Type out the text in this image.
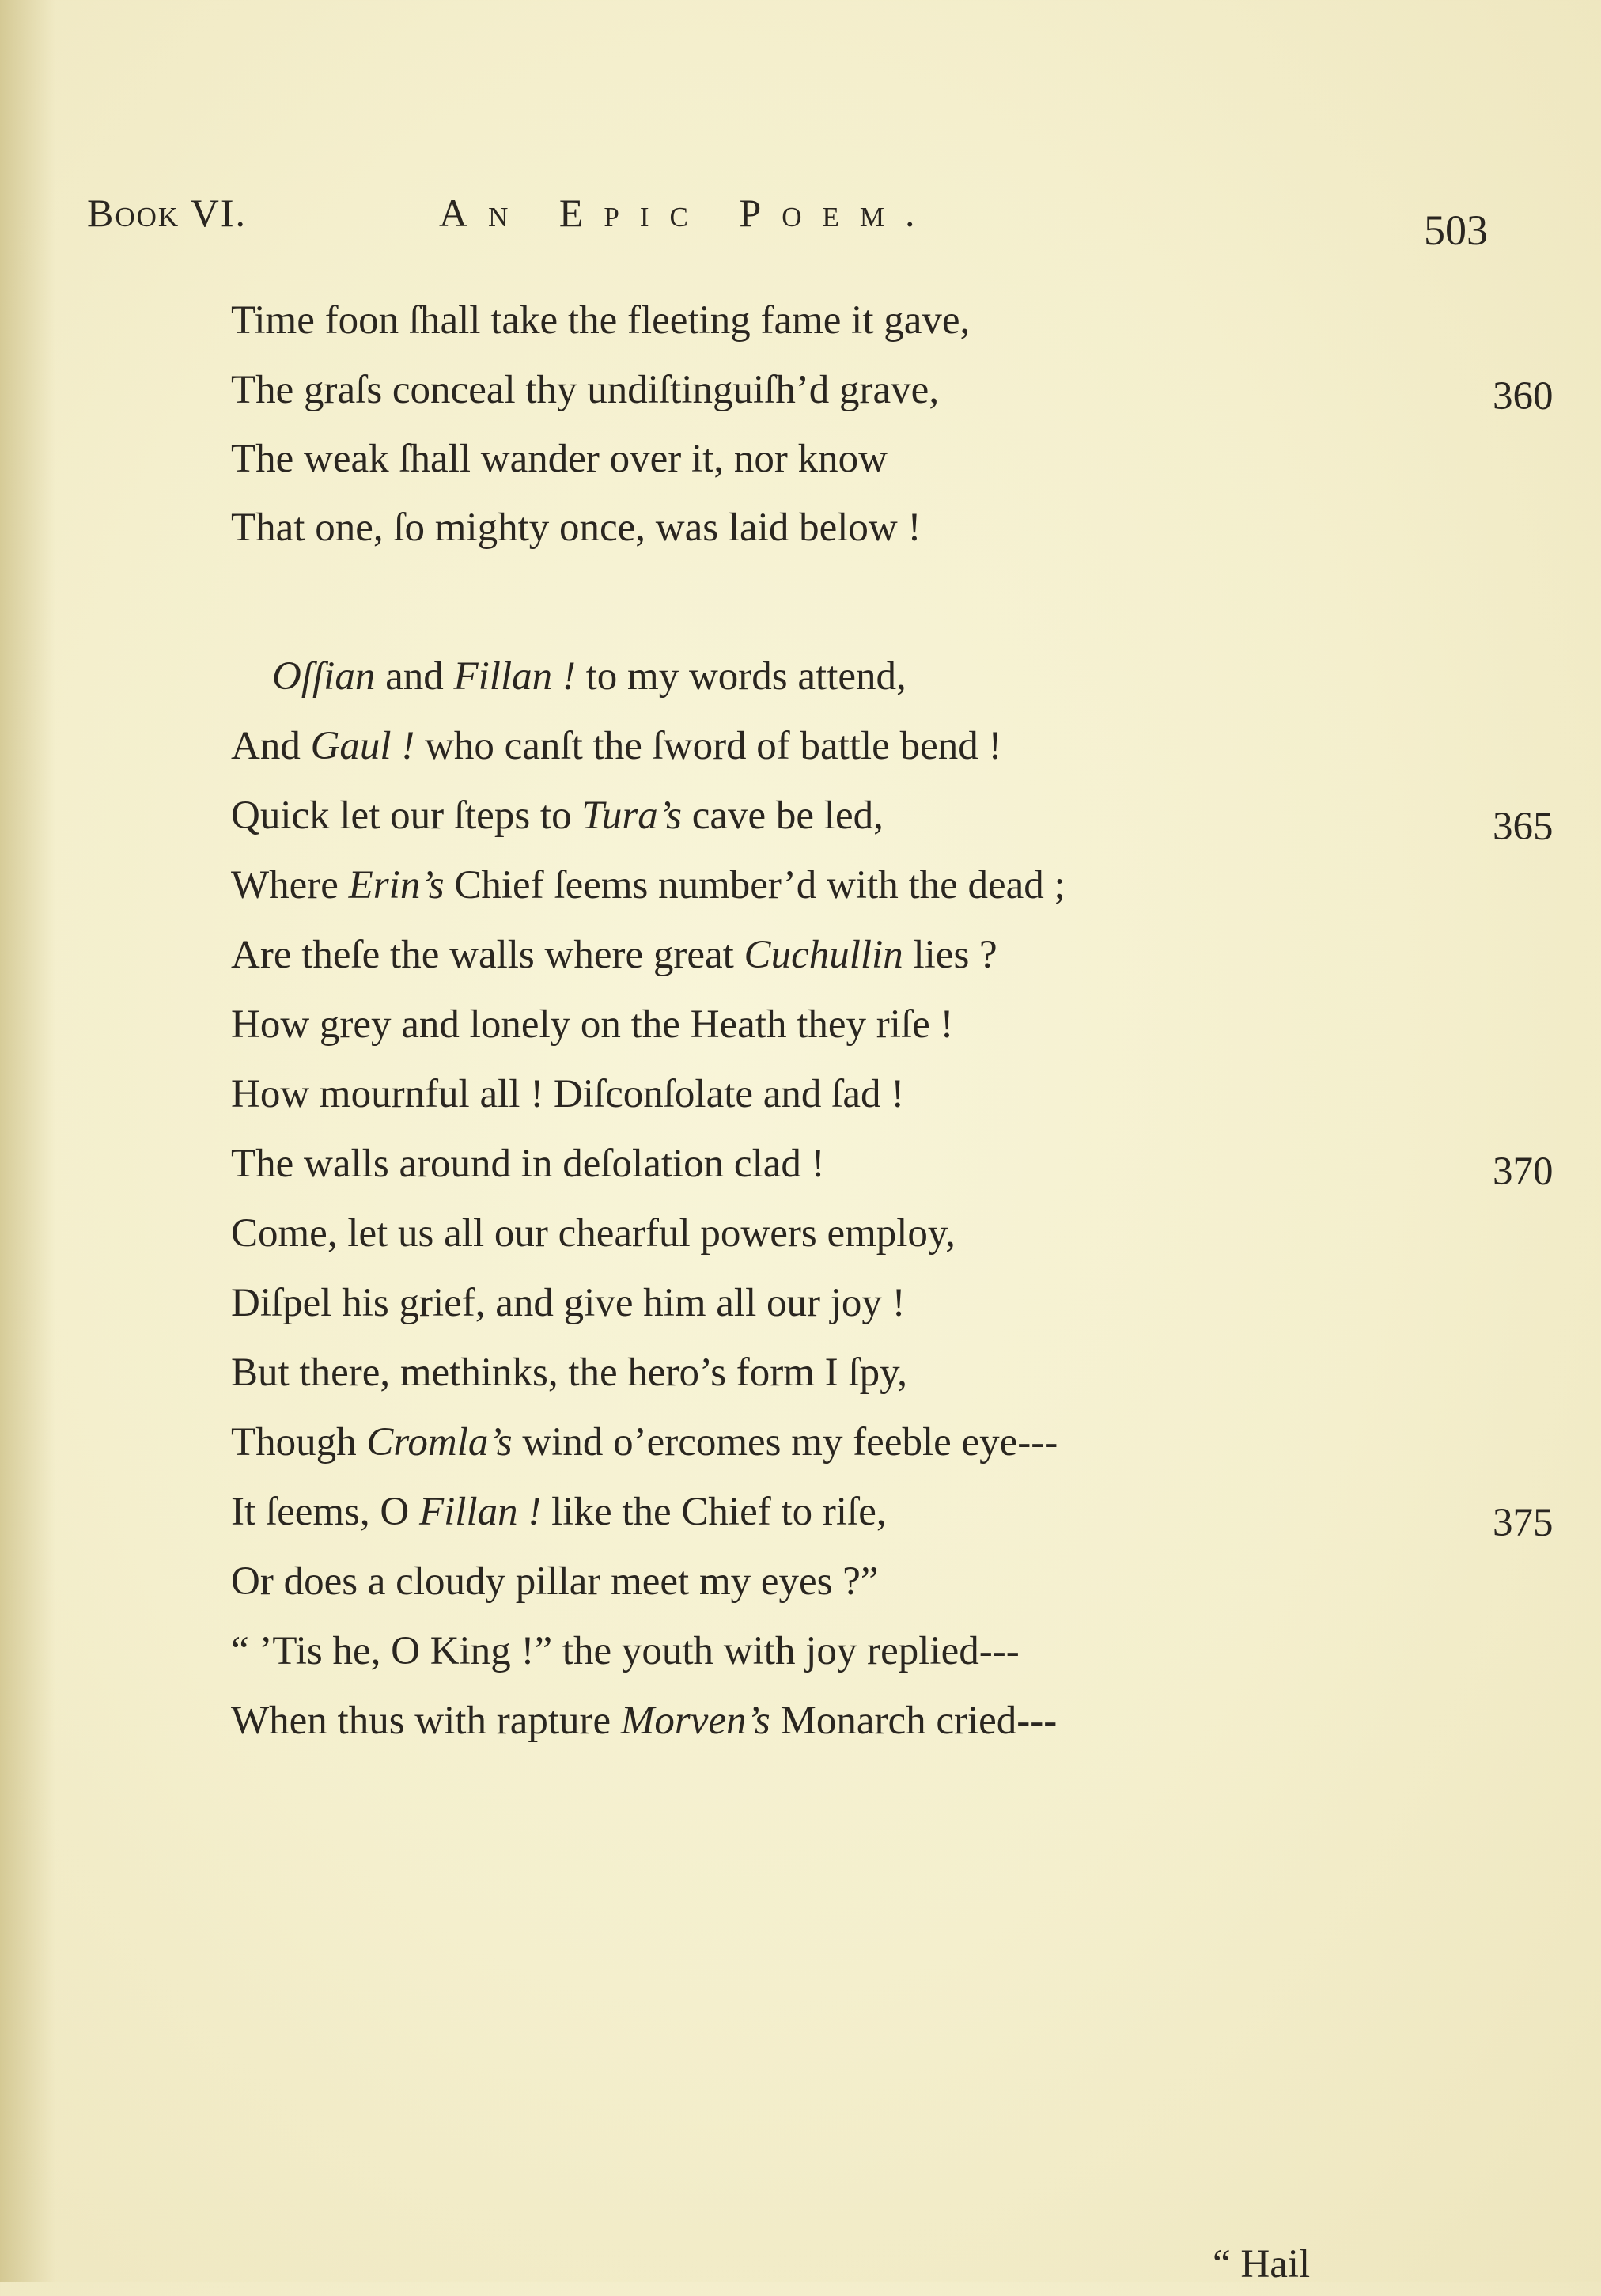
Book VI.	An Epic Poem.	503
Time foon ſhall take the fleeting fame it gave,
The graſs conceal thy undiſtinguiſh’d grave,	360
The weak ſhall wander over it, nor know
That one, ſo mighty once, was laid below !
Oſſian and Fillan ! to my words attend,
And Gaul ! who canſt the ſword of battle bend !
Quick let our ſteps to Tura’s cave be led,	365
Where Erin’s Chief ſeems number’d with the dead ;
Are theſe the walls where great Cuchullin lies ?
How grey and lonely on the Heath they riſe !
How mournful all ! Diſconſolate and ſad !
The walls around in deſolation clad !	370
Come, let us all our chearful powers employ,
Diſpel his grief, and give him all our joy !
But there, methinks, the hero’s form I ſpy,
Though Cromla’s wind o’ercomes my feeble eye---
It ſeems, O Fillan ! like the Chief to riſe,	375
Or does a cloudy pillar meet my eyes ?”
“ ’Tis he, O King !” the youth with joy replied---
When thus with rapture Morven’s Monarch cried---
“ Hail
